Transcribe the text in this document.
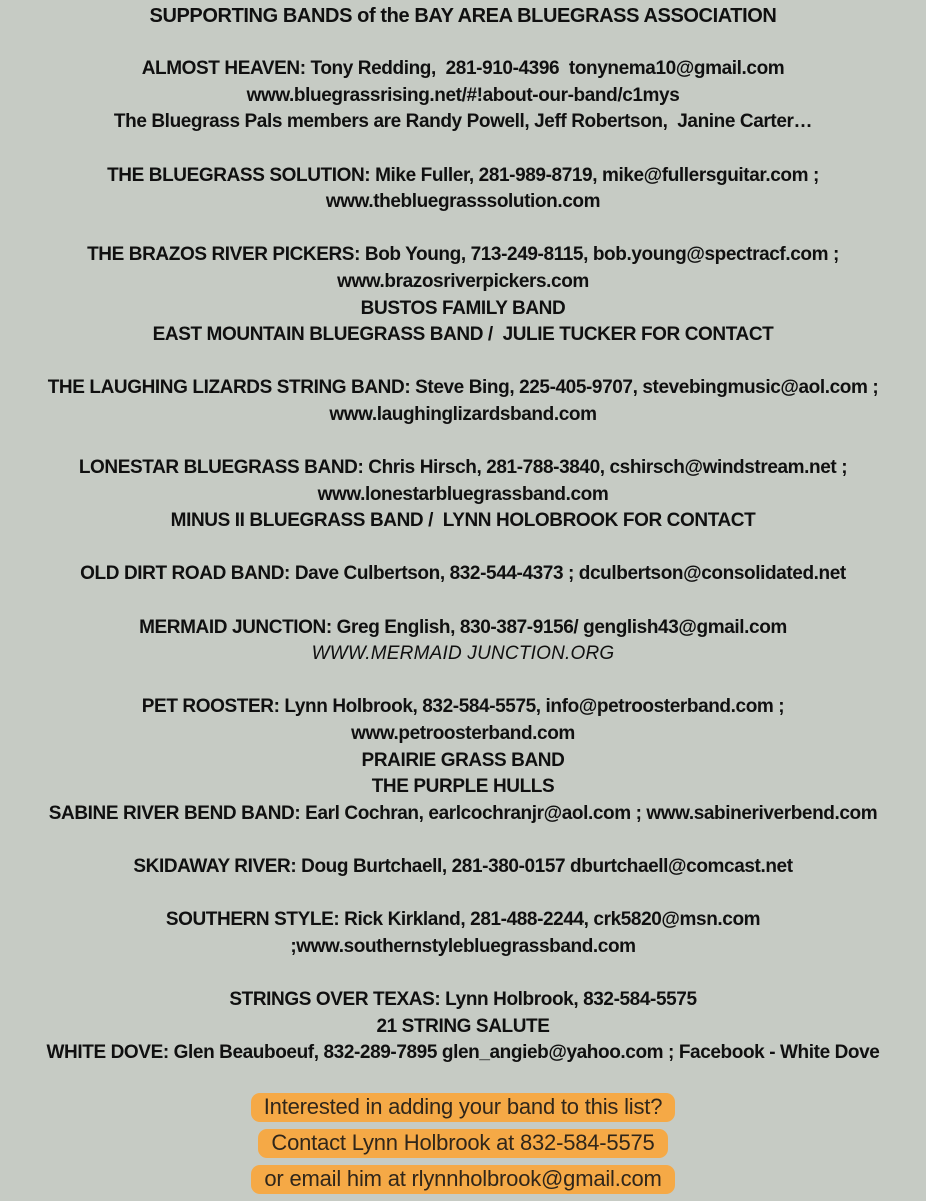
SUPPORTING BANDS of the BAY AREA BLUEGRASS ASSOCIATION
ALMOST HEAVEN: Tony Redding,  281-910-4396  tonynema10@gmail.com
www.bluegrassrising.net/#!about-our-band/c1mys
The Bluegrass Pals members are Randy Powell, Jeff Robertson,  Janine Carter…
THE BLUEGRASS SOLUTION: Mike Fuller, 281-989-8719, mike@fullersguitar.com ;
www.thebluegrasssolution.com
THE BRAZOS RIVER PICKERS: Bob Young, 713-249-8115, bob.young@spectracf.com ;
www.brazosriverpickers.com
BUSTOS FAMILY BAND
EAST MOUNTAIN BLUEGRASS BAND /  JULIE TUCKER FOR CONTACT
THE LAUGHING LIZARDS STRING BAND: Steve Bing, 225-405-9707, stevebingmusic@aol.com ;
www.laughinglizardsband.com
LONESTAR BLUEGRASS BAND: Chris Hirsch, 281-788-3840, cshirsch@windstream.net ;
www.lonestarbluegrassband.com
MINUS II BLUEGRASS BAND /  LYNN HOLOBROOK FOR CONTACT
OLD DIRT ROAD BAND: Dave Culbertson, 832-544-4373 ; dculbertson@consolidated.net
MERMAID JUNCTION: Greg English, 830-387-9156/ genglish43@gmail.com
WWW.MERMAID JUNCTION.ORG
PET ROOSTER: Lynn Holbrook, 832-584-5575, info@petroosterband.com ;
www.petroosterband.com
PRAIRIE GRASS BAND
THE PURPLE HULLS
SABINE RIVER BEND BAND: Earl Cochran, earlcochranjr@aol.com ; www.sabineriverbend.com
SKIDAWAY RIVER: Doug Burtchaell, 281-380-0157 dburtchaell@comcast.net
SOUTHERN STYLE: Rick Kirkland, 281-488-2244, crk5820@msn.com
;www.southernstylebluegrassband.com
STRINGS OVER TEXAS: Lynn Holbrook, 832-584-5575
21 STRING SALUTE
WHITE DOVE: Glen Beauboeuf, 832-289-7895 glen_angieb@yahoo.com ; Facebook - White Dove
Interested in adding your band to this list?
Contact Lynn Holbrook at 832-584-5575
or email him at rlynnholbrook@gmail.com
